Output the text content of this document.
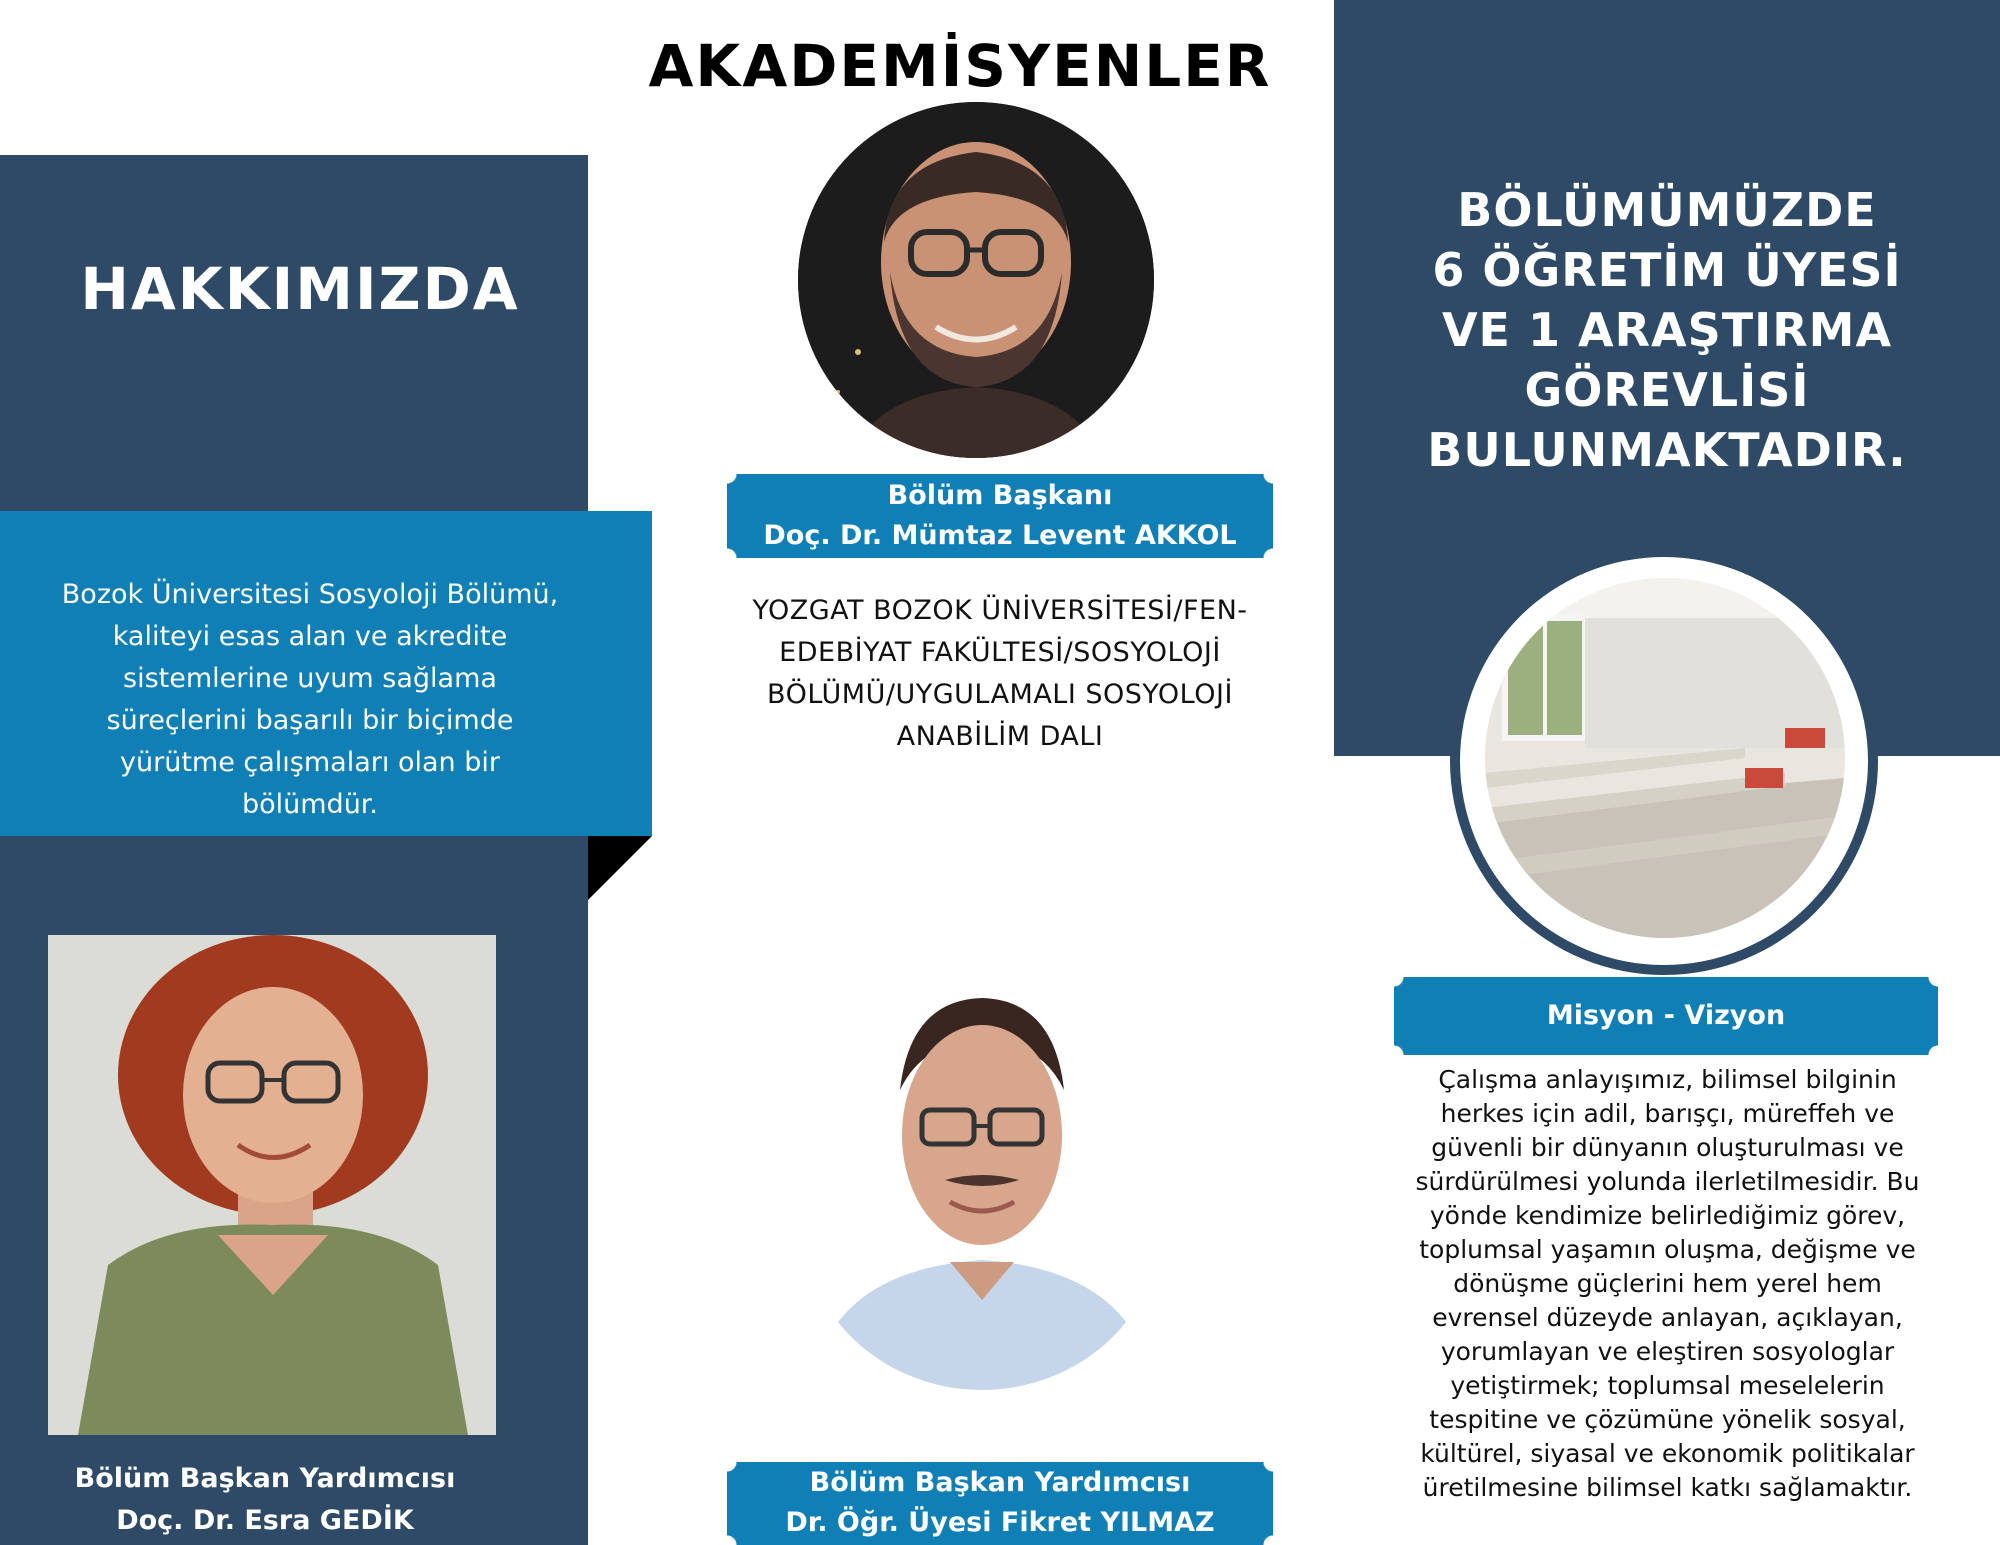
AKADEMİSYENLER
HAKKIMIZDA
Bozok Üniversitesi Sosyoloji Bölümü, kaliteyi esas alan ve akredite sistemlerine uyum sağlama süreçlerini başarılı bir biçimde yürütme çalışmaları olan bir bölümdür.
Bölüm Başkan Yardımcısı
Doç. Dr. Esra GEDİK
Bölüm Başkanı
Doç. Dr. Mümtaz Levent AKKOL
YOZGAT BOZOK ÜNİVERSİTESİ/FEN-
EDEBİYAT FAKÜLTESİ/SOSYOLOJİ
BÖLÜMÜ/UYGULAMALI SOSYOLOJİ
ANABİLİM DALI
Bölüm Başkan Yardımcısı
Dr. Öğr. Üyesi Fikret YILMAZ
BÖLÜMÜMÜZDE
6 ÖĞRETİM ÜYESİ
VE 1 ARAŞTIRMA
GÖREVLİSİ
BULUNMAKTADIR.
Misyon - Vizyon
Çalışma anlayışımız, bilimsel bilginin herkes için adil, barışçı, müreffeh ve güvenli bir dünyanın oluşturulması ve sürdürülmesi yolunda ilerletilmesidir. Bu yönde kendimize belirlediğimiz görev, toplumsal yaşamın oluşma, değişme ve dönüşme güçlerini hem yerel hem evrensel düzeyde anlayan, açıklayan, yorumlayan ve eleştiren sosyologlar yetiştirmek; toplumsal meselelerin tespitine ve çözümüne yönelik sosyal, kültürel, siyasal ve ekonomik politikalar üretilmesine bilimsel katkı sağlamaktır.
